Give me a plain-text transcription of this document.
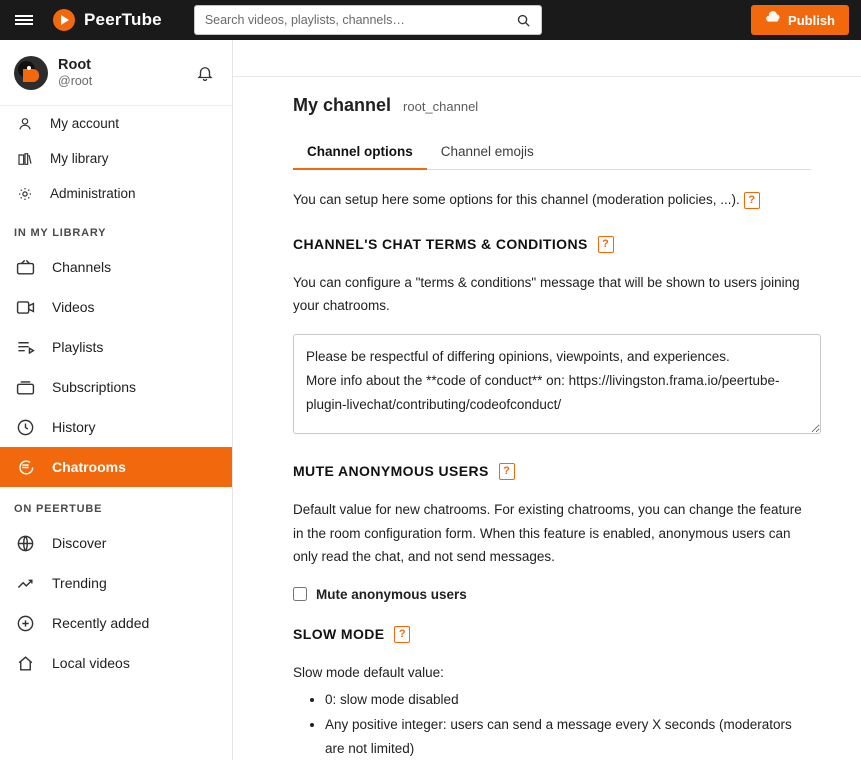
PeerTube
Search videos, playlists, channels…	Publish
Root
@root
My account
My library
Administration
IN MY LIBRARY
Channels
Videos
Playlists
Subscriptions
History
Chatrooms
ON PEERTUBE
Discover
Trending
Recently added
Local videos
My channel root_channel
Channel options	Channel emojis
You can setup here some options for this channel (moderation policies, ...). ?
CHANNEL'S CHAT TERMS & CONDITIONS	?
You can configure a "terms & conditions" message that will be shown to users joining your chatrooms.
Please be respectful of differing opinions, viewpoints, and experiences. More info about the **code of conduct** on: https://livingston.frama.io/peertube-plugin-livechat/contributing/codeofconduct/
MUTE ANONYMOUS USERS	?
Default value for new chatrooms. For existing chatrooms, you can change the feature in the room configuration form. When this feature is enabled, anonymous users can only read the chat, and not send messages.
Mute anonymous users
SLOW MODE	?
Slow mode default value:
• 0: slow mode disabled
• Any positive integer: users can send a message every X seconds (moderators are not limited)
